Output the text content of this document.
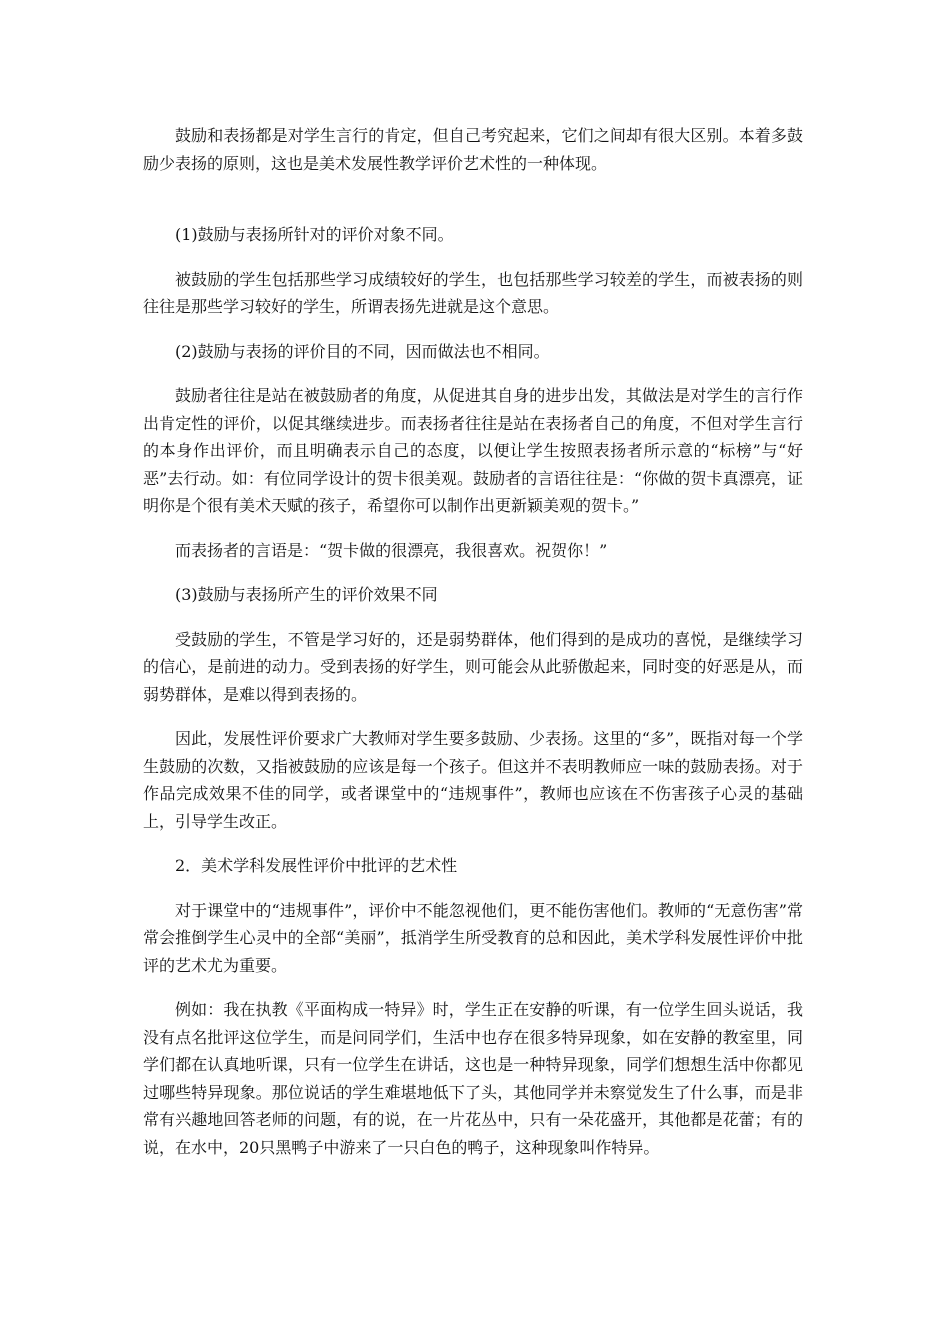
鼓励和表扬都是对学生言行的肯定，但自己考究起来，它们之间却有很大区别。本着多鼓励少表扬的原则，这也是美术发展性教学评价艺术性的一种体现。

(1)鼓励与表扬所针对的评价对象不同。

被鼓励的学生包括那些学习成绩较好的学生，也包括那些学习较差的学生，而被表扬的则往往是那些学习较好的学生，所谓表扬先进就是这个意思。

(2)鼓励与表扬的评价目的不同，因而做法也不相同。

鼓励者往往是站在被鼓励者的角度，从促进其自身的进步出发，其做法是对学生的言行作出肯定性的评价，以促其继续进步。而表扬者往往是站在表扬者自己的角度，不但对学生言行的本身作出评价，而且明确表示自己的态度，以便让学生按照表扬者所示意的“标榜”与“好恶”去行动。如：有位同学设计的贺卡很美观。鼓励者的言语往往是：“你做的贺卡真漂亮，证明你是个很有美术天赋的孩子，希望你可以制作出更新颖美观的贺卡。”

而表扬者的言语是：“贺卡做的很漂亮，我很喜欢。祝贺你！”

(3)鼓励与表扬所产生的评价效果不同

受鼓励的学生，不管是学习好的，还是弱势群体，他们得到的是成功的喜悦，是继续学习的信心，是前进的动力。受到表扬的好学生，则可能会从此骄傲起来，同时变的好恶是从，而弱势群体，是难以得到表扬的。

因此，发展性评价要求广大教师对学生要多鼓励、少表扬。这里的“多”，既指对每一个学生鼓励的次数，又指被鼓励的应该是每一个孩子。但这并不表明教师应一味的鼓励表扬。对于作品完成效果不佳的同学，或者课堂中的“违规事件”，教师也应该在不伤害孩子心灵的基础上，引导学生改正。

2．美术学科发展性评价中批评的艺术性

对于课堂中的“违规事件”，评价中不能忽视他们，更不能伤害他们。教师的“无意伤害”常常会推倒学生心灵中的全部“美丽”，抵消学生所受教育的总和因此，美术学科发展性评价中批评的艺术尤为重要。

例如：我在执教《平面构成一特异》时，学生正在安静的听课，有一位学生回头说话，我没有点名批评这位学生，而是问同学们，生活中也存在很多特异现象，如在安静的教室里，同学们都在认真地听课，只有一位学生在讲话，这也是一种特异现象，同学们想想生活中你都见过哪些特异现象。那位说话的学生难堪地低下了头，其他同学并未察觉发生了什么事，而是非常有兴趣地回答老师的问题，有的说，在一片花丛中，只有一朵花盛开，其他都是花蕾；有的说，在水中，20只黑鸭子中游来了一只白色的鸭子，这种现象叫作特异。
